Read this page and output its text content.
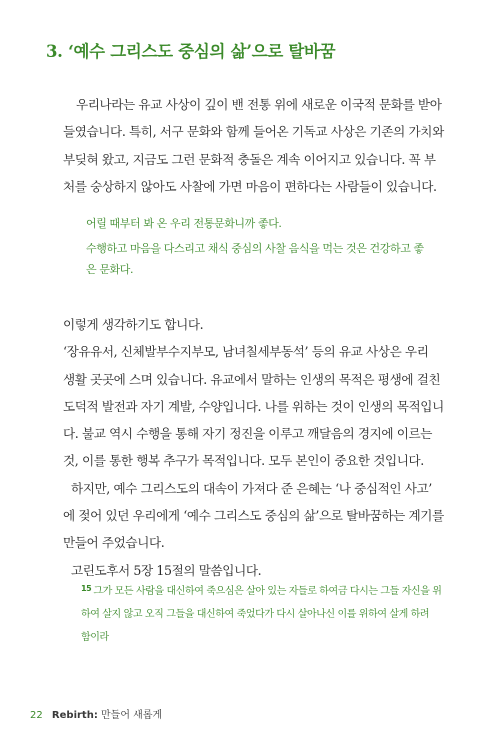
3. ‘예수 그리스도 중심의 삶’으로 탈바꿈
우리나라는 유교 사상이 깊이 밴 전통 위에 새로운 이국적 문화를 받아
들였습니다. 특히, 서구 문화와 함께 들어온 기독교 사상은 기존의 가치와
부딪혀 왔고, 지금도 그런 문화적 충돌은 계속 이어지고 있습니다. 꼭 부
처를 숭상하지 않아도 사찰에 가면 마음이 편하다는 사람들이 있습니다.
어릴 때부터 봐 온 우리 전통문화니까 좋다.
수행하고 마음을 다스리고 채식 중심의 사찰 음식을 먹는 것은 건강하고 좋
은 문화다.
이렇게 생각하기도 합니다.
‘장유유서, 신체발부수지부모, 남녀칠세부동석’ 등의 유교 사상은 우리
생활 곳곳에 스며 있습니다. 유교에서 말하는 인생의 목적은 평생에 걸친
도덕적 발전과 자기 계발, 수양입니다. 나를 위하는 것이 인생의 목적입니
다. 불교 역시 수행을 통해 자기 정진을 이루고 깨달음의 경지에 이르는
것, 이를 통한 행복 추구가 목적입니다. 모두 본인이 중요한 것입니다.
하지만, 예수 그리스도의 대속이 가져다 준 은혜는 ‘나 중심적인 사고’
에 젖어 있던 우리에게 ‘예수 그리스도 중심의 삶’으로 탈바꿈하는 계기를
만들어 주었습니다.
고린도후서 5장 15절의 말씀입니다.
$^{15}$ 그가 모든 사람을 대신하여 죽으심은 살아 있는 자들로 하여금 다시는 그들 자신을 위
하여 살지 않고 오직 그들을 대신하여 죽었다가 다시 살아나신 이를 위하여 살게 하려
함이라
22 Rebirth: 만들어 새롭게
